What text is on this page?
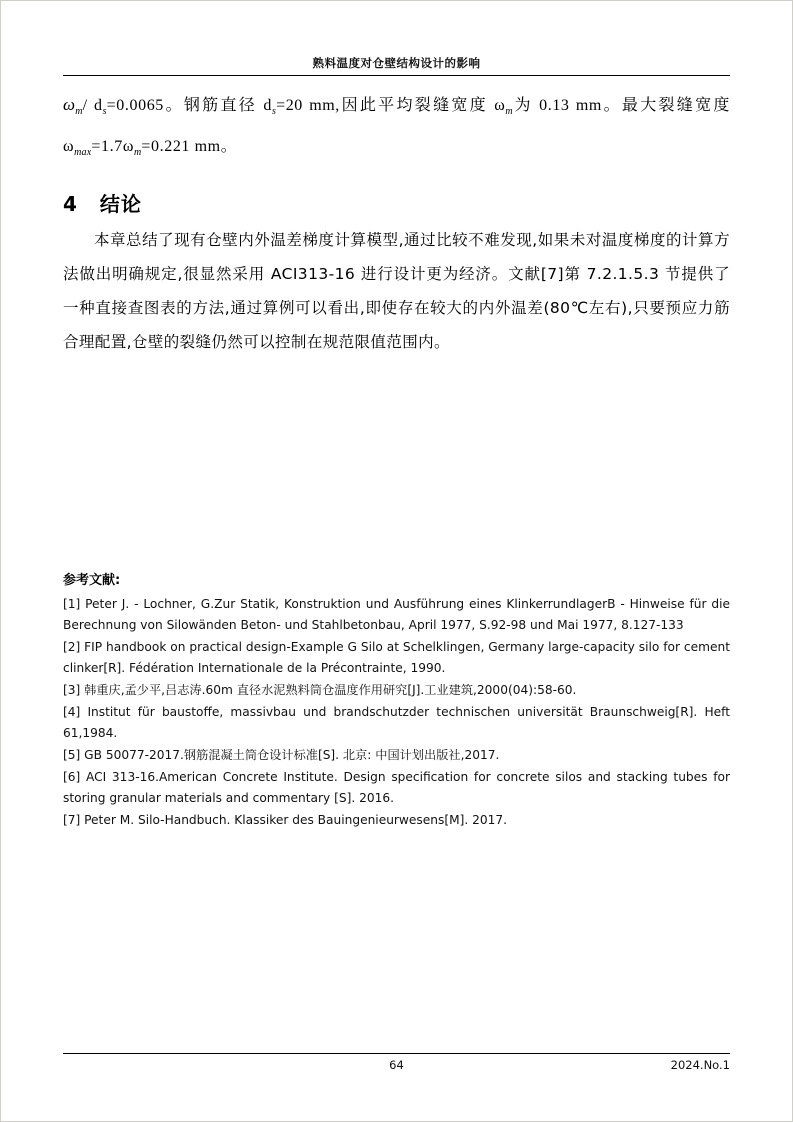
熟料温度对仓壁结构设计的影响

$\omega_m/$ $d_s=0.0065$。钢筋直径 $d_s=20$ mm,因此平均裂缝宽度 $\omega_m$为 0.13 mm。最大裂缝宽度 $\omega_{max}=1.7\omega_m=0.221$ mm。

4 结论

本章总结了现有仓壁内外温差梯度计算模型,通过比较不难发现,如果未对温度梯度的计算方法做出明确规定,很显然采用 ACI313-16 进行设计更为经济。文献[7]第 7.2.1.5.3 节提供了一种直接查图表的方法,通过算例可以看出,即使存在较大的内外温差(80℃左右),只要预应力筋合理配置,仓壁的裂缝仍然可以控制在规范限值范围内。

参考文献:

[1] Peter J. - Lochner, G.Zur Statik, Konstruktion und Ausführung eines KlinkerrundlagerB - Hinweise für die Berechnung von Silowänden Beton- und Stahlbetonbau, April 1977, S.92-98 und Mai 1977, 8.127-133

[2] FIP handbook on practical design-Example G Silo at Schelklingen, Germany large-capacity silo for cement clinker[R]. Fédération Internationale de la Précontrainte, 1990.

[3] 韩重庆,孟少平,吕志涛.60m 直径水泥熟料筒仓温度作用研究[J].工业建筑,2000(04):58-60.

[4] Institut für baustoffe, massivbau und brandschutzder technischen universität Braunschweig[R]. Heft 61,1984.

[5] GB 50077-2017.钢筋混凝土筒仓设计标准[S]. 北京: 中国计划出版社,2017.

[6] ACI 313-16.American Concrete Institute. Design specification for concrete silos and stacking tubes for storing granular materials and commentary [S]. 2016.

[7] Peter M. Silo-Handbuch. Klassiker des Bauingenieurwesens[M]. 2017.

64	2024.No.1
